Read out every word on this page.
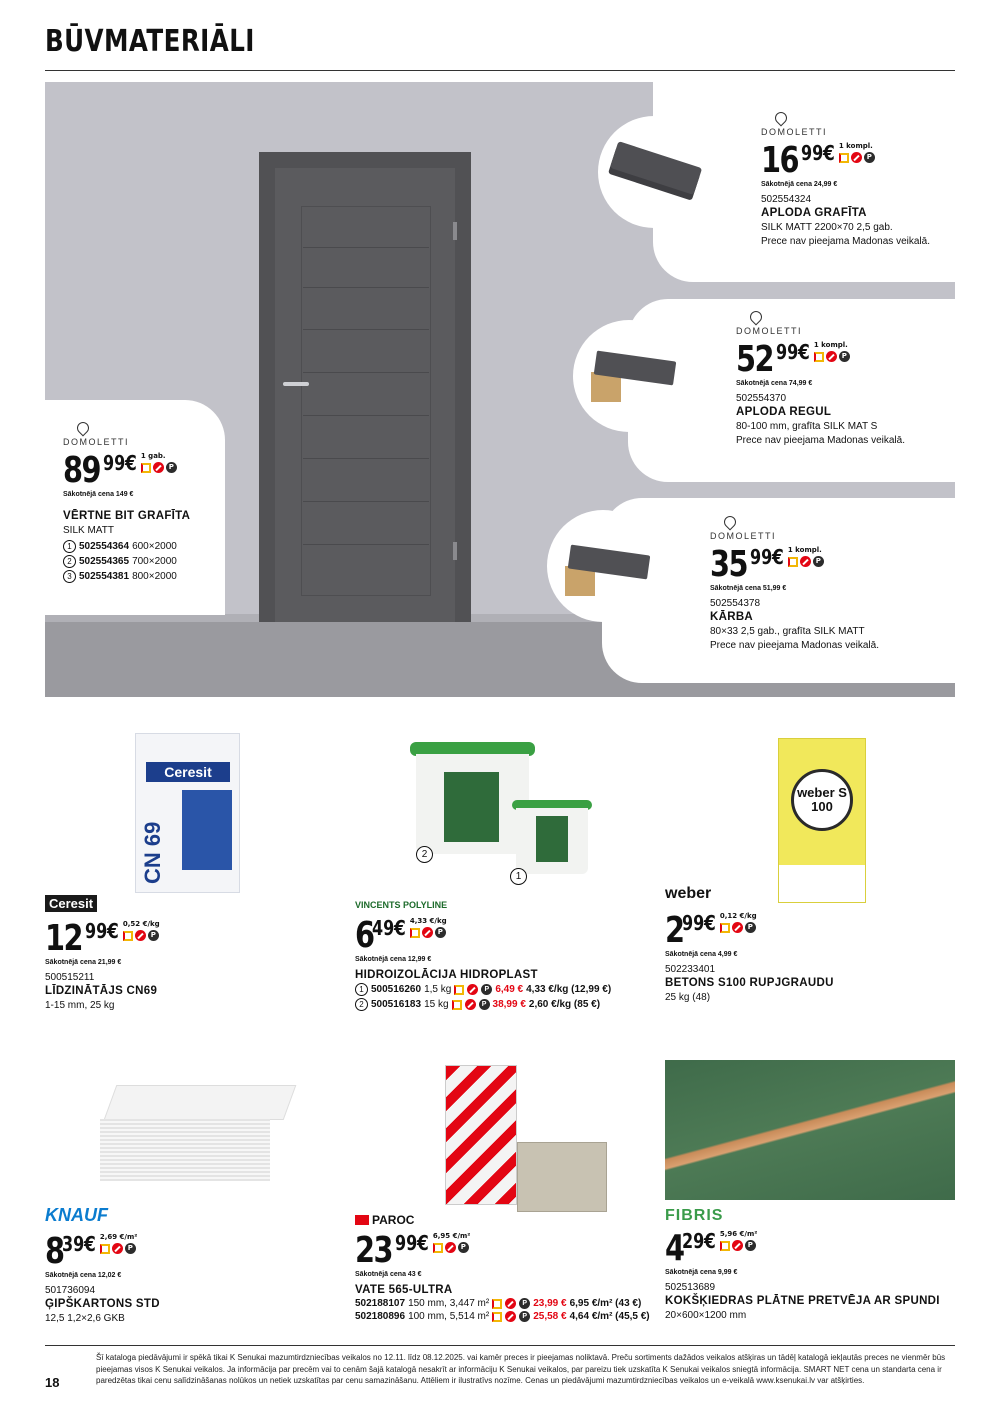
BŪVMATERIĀLI
DOMOLETTI
89 99 € 1 gab.
P
Sākotnējā cena 149 €
VĒRTNE BIT GRAFĪTA
SILK MATT
1 502554364 600×2000
2 502554365 700×2000
3 502554381 800×2000
DOMOLETTI
16 99 € 1 kompl.
P
Sākotnējā cena 24,99 €
502554324
APLODA GRAFĪTA
SILK MATT 2200×70 2,5 gab.
Prece nav pieejama Madonas veikalā.
DOMOLETTI
52 99 € 1 kompl.
P
Sākotnējā cena 74,99 €
502554370
APLODA REGUL
80-100 mm, grafīta SILK MAT S
Prece nav pieejama Madonas veikalā.
DOMOLETTI
35 99 € 1 kompl.
P
Sākotnējā cena 51,99 €
502554378
KĀRBA
80×33 2,5 gab., grafīta SILK MATT
Prece nav pieejama Madonas veikalā.
Ceresit
CN 69
Ceresit
12 99 € 0,52 €/kg
P
Sākotnējā cena 21,99 €
500515211
LĪDZINĀTĀJS CN69
1-15 mm, 25 kg
2
1
VINCENTS POLYLINE
6
49 € 4,33 €/kg
P
Sākotnējā cena 12,99 €
HIDROIZOLĀCIJA HIDROPLAST
1 500516260 1,5 kg	P 6,49 € 4,33 €/kg (12,99 €)
2 500516183 15 kg	P 38,99 € 2,60 €/kg (85 €)
weber S 100
weber
2
99 € 0,12 €/kg
P
Sākotnējā cena 4,99 €
502233401
BETONS S100 RUPJGRAUDU
25 kg (48)
KNAUF
8
39 € 2,69 €/m²
P
Sākotnējā cena 12,02 €
501736094
ĢIPŠKARTONS STD
12,5 1,2×2,6 GKB
PAROC
23 99 € 6,95 €/m²
P
Sākotnējā cena 43 €
VATE 565-ULTRA
502188107 150 mm, 3,447 m²	P 23,99 € 6,95 €/m² (43 €)
502180896 100 mm, 5,514 m²	P 25,58 € 4,64 €/m² (45,5 €)
FIBRIS
4
29 € 5,96 €/m²
P
Sākotnējā cena 9,99 €
502513689
KOKŠĶIEDRAS PLĀTNE PRETVĒJA AR SPUNDI
20×600×1200 mm
18
Šī kataloga piedāvājumi ir spēkā tikai K Senukai mazumtirdzniecības veikalos no 12.11. līdz 08.12.2025. vai kamēr preces ir pieejamas noliktavā. Preču sortiments dažādos veikalos atšķiras un tādēļ katalogā iekļautās preces ne vienmēr būs pieejamas visos K Senukai veikalos. Ja informācija par precēm vai to cenām šajā katalogā nesakrīt ar informāciju K Senukai veikalos, par pareizu tiek uzskatīta K Senukai veikalos sniegtā informācija. SMART NET cena un standarta cena ir paredzētas tikai cenu salīdzināšanas nolūkos un netiek uzskatītas par cenu samazināšanu. Attēliem ir ilustratīvs nozīme. Cenas un piedāvājumi mazumtirdzniecības veikalos un e-veikalā www.ksenukai.lv var atšķirties.
